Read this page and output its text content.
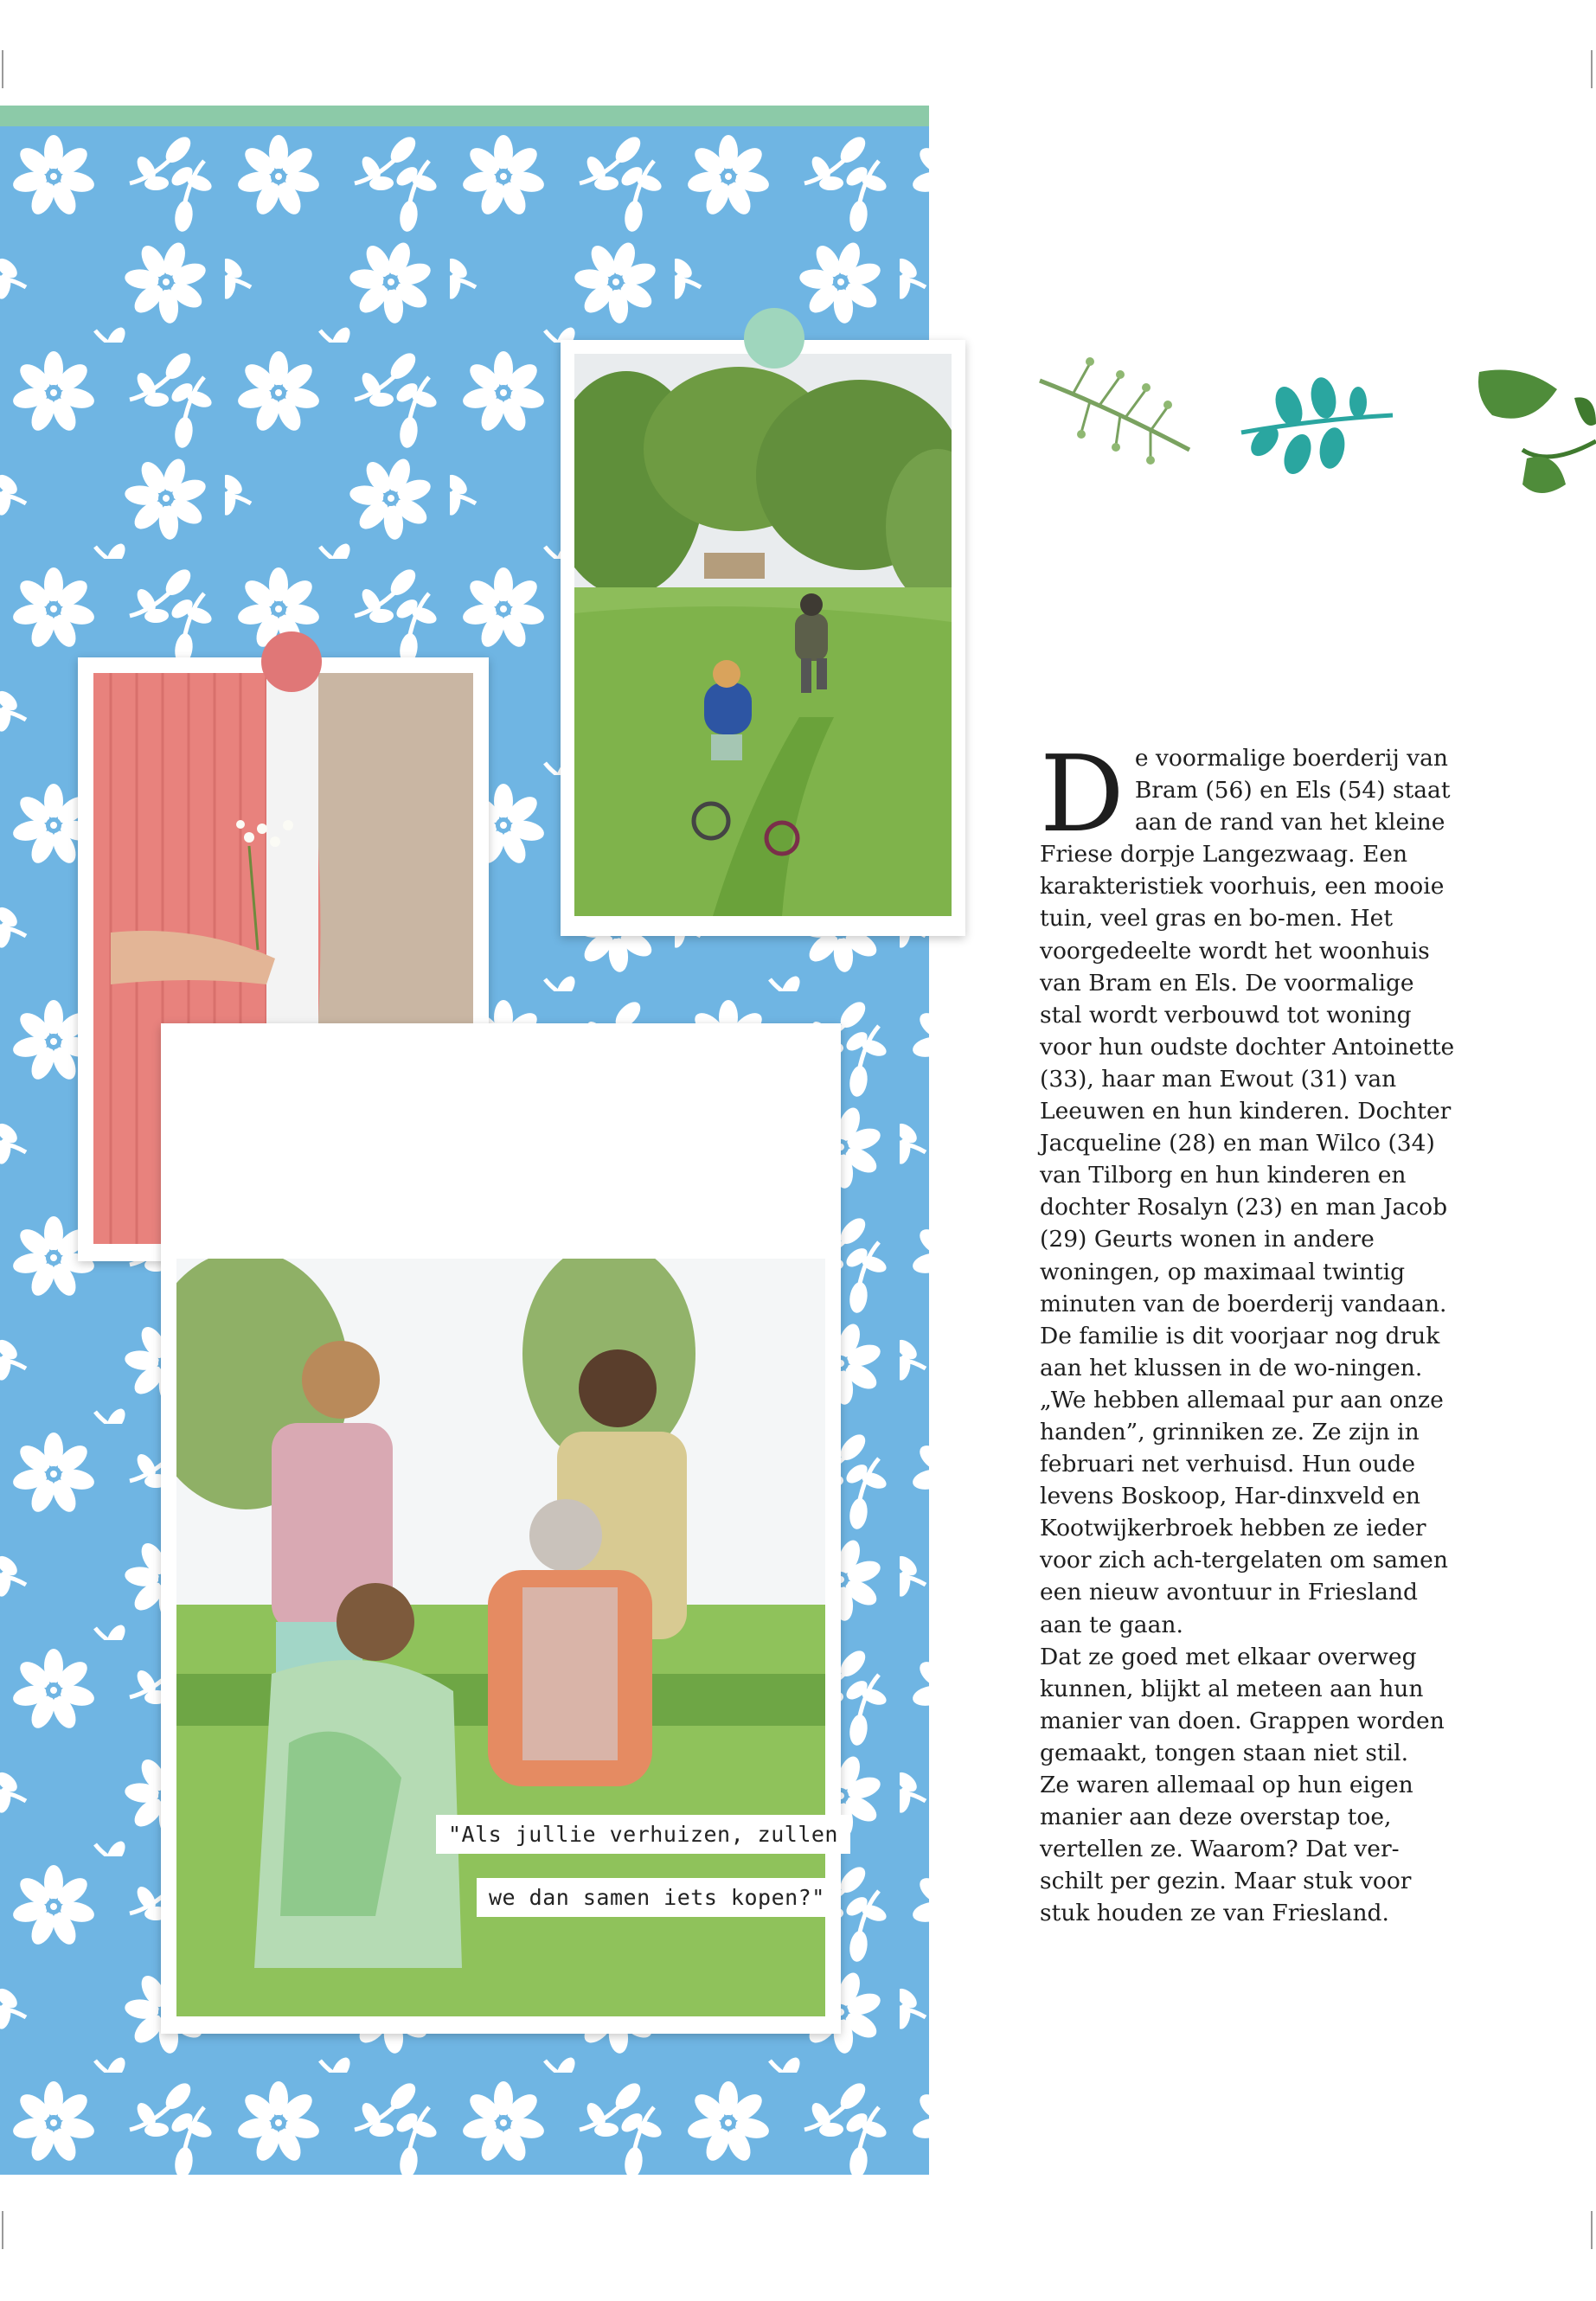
"Als jullie verhuizen, zullen
we dan samen iets kopen?"
D e voormalige boerderij van Bram (56) en Els (54) staat aan de rand van het kleine Friese dorpje Langezwaag. Een karakteristiek voorhuis, een mooie tuin, veel gras en bo-men. Het voorgedeelte wordt het woonhuis van Bram en Els. De voormalige stal wordt verbouwd tot woning voor hun oudste dochter Antoinette (33), haar man Ewout (31) van Leeuwen en hun kinderen. Dochter Jacqueline (28) en man Wilco (34) van Tilborg en hun kinderen en dochter Rosalyn (23) en man Jacob (29) Geurts wonen in andere woningen, op maximaal twintig minuten van de boerderij vandaan.

De familie is dit voorjaar nog druk aan het klussen in de wo-ningen. „We hebben allemaal pur aan onze handen”, grinniken ze. Ze zijn in februari net verhuisd. Hun oude levens Boskoop, Har-dinxveld en Kootwijkerbroek hebben ze ieder voor zich ach-tergelaten om samen een nieuw avontuur in Friesland aan te gaan.

Dat ze goed met elkaar overweg kunnen, blijkt al meteen aan hun manier van doen. Grappen worden gemaakt, tongen staan niet stil.

Ze waren allemaal op hun eigen manier aan deze overstap toe, vertellen ze. Waarom? Dat ver-schilt per gezin. Maar stuk voor stuk houden ze van Friesland.
